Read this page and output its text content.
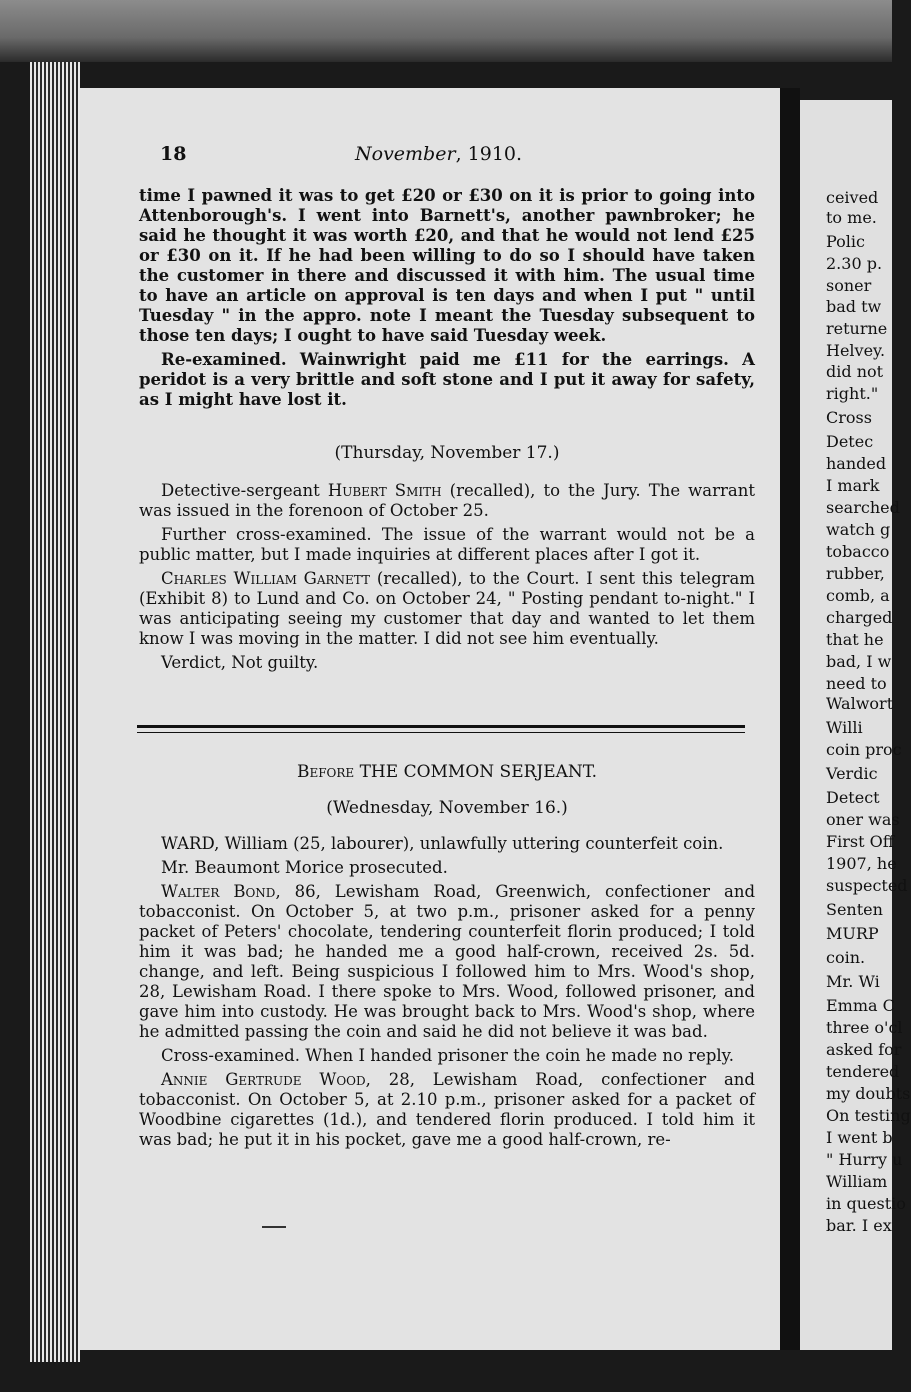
ceived
to me.
Polic
2.30 p.
soner
bad tw
returne
Helvey.
did not
right."
Cross
Detec
handed
I mark
searched
watch g
tobacco
rubber,
comb, a
charged
that he
bad, I w
need to
Walwort
Willi
coin proc
Verdic
Detect
oner was
First Off
1907, he
suspected
Senten
MURP
coin.
Mr. Wi
Emma C
three o'cl
asked for
tendered
my doubts
On testing
I went b
" Hurry u
William
in questio
bar. I ex
18	November, 1910.

time I pawned it was to get £20 or £30 on it is prior to going into Attenborough's. I went into Barnett's, another pawnbroker; he said he thought it was worth £20, and that he would not lend £25 or £30 on it. If he had been willing to do so I should have taken the customer in there and discussed it with him. The usual time to have an article on approval is ten days and when I put " until Tuesday " in the appro. note I meant the Tuesday subsequent to those ten days; I ought to have said Tuesday week.

Re-examined. Wainwright paid me £11 for the earrings. A peridot is a very brittle and soft stone and I put it away for safety, as I might have lost it.

(Thursday, November 17.)

Detective-sergeant Hubert Smith (recalled), to the Jury. The warrant was issued in the forenoon of October 25.

Further cross-examined. The issue of the warrant would not be a public matter, but I made inquiries at different places after I got it.

Charles William Garnett (recalled), to the Court. I sent this telegram (Exhibit 8) to Lund and Co. on October 24, " Posting pendant to-night." I was anticipating seeing my customer that day and wanted to let them know I was moving in the matter. I did not see him eventually.

Verdict, Not guilty.

Before THE COMMON SERJEANT.

(Wednesday, November 16.)

WARD, William (25, labourer), unlawfully uttering counterfeit coin.

Mr. Beaumont Morice prosecuted.

Walter Bond, 86, Lewisham Road, Greenwich, confectioner and tobacconist. On October 5, at two p.m., prisoner asked for a penny packet of Peters' chocolate, tendering counterfeit florin produced; I told him it was bad; he handed me a good half-crown, received 2s. 5d. change, and left. Being suspicious I followed him to Mrs. Wood's shop, 28, Lewisham Road. I there spoke to Mrs. Wood, followed prisoner, and gave him into custody. He was brought back to Mrs. Wood's shop, where he admitted passing the coin and said he did not believe it was bad.

Cross-examined. When I handed prisoner the coin he made no reply.

Annie Gertrude Wood, 28, Lewisham Road, confectioner and tobacconist. On October 5, at 2.10 p.m., prisoner asked for a packet of Woodbine cigarettes (1d.), and tendered florin produced. I told him it was bad; he put it in his pocket, gave me a good half-crown, re-
